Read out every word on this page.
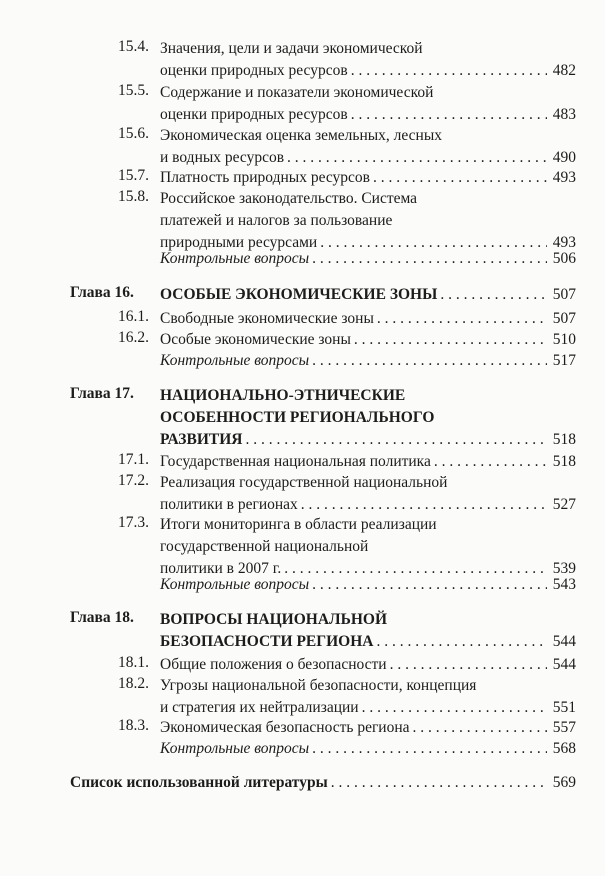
15.4. Значения, цели и задачи экономической
оценки природных ресурсов . . .	482
15.5. Содержание и показатели экономической
оценки природных ресурсов . . .	483
15.6. Экономическая оценка земельных, лесных
и водных ресурсов . . .	490
15.7. Платность природных ресурсов . . .	493
15.8. Российское законодательство. Система
платежей и налогов за пользование
природными ресурсами . . .	493
Контрольные вопросы . . .	506
Глава 16. ОСОБЫЕ ЭКОНОМИЧЕСКИЕ ЗОНЫ . . .	507
16.1. Свободные экономические зоны . . .	507
16.2. Особые экономические зоны . . .	510
Контрольные вопросы . . .	517
Глава 17. НАЦИОНАЛЬНО-ЭТНИЧЕСКИЕ
ОСОБЕННОСТИ РЕГИОНАЛЬНОГО
РАЗВИТИЯ . . .	518
17.1. Государственная национальная политика . . .	518
17.2. Реализация государственной национальной
политики в регионах . . .	527
17.3. Итоги мониторинга в области реализации
государственной национальной
политики в 2007 г. . . .	539
Контрольные вопросы . . .	543
Глава 18. ВОПРОСЫ НАЦИОНАЛЬНОЙ
БЕЗОПАСНОСТИ РЕГИОНА . . .	544
18.1. Общие положения о безопасности . . .	544
18.2. Угрозы национальной безопасности, концепция
и стратегия их нейтрализации . . .	551
18.3. Экономическая безопасность региона . . .	557
Контрольные вопросы . . .	568
Список использованной литературы . . .	569
